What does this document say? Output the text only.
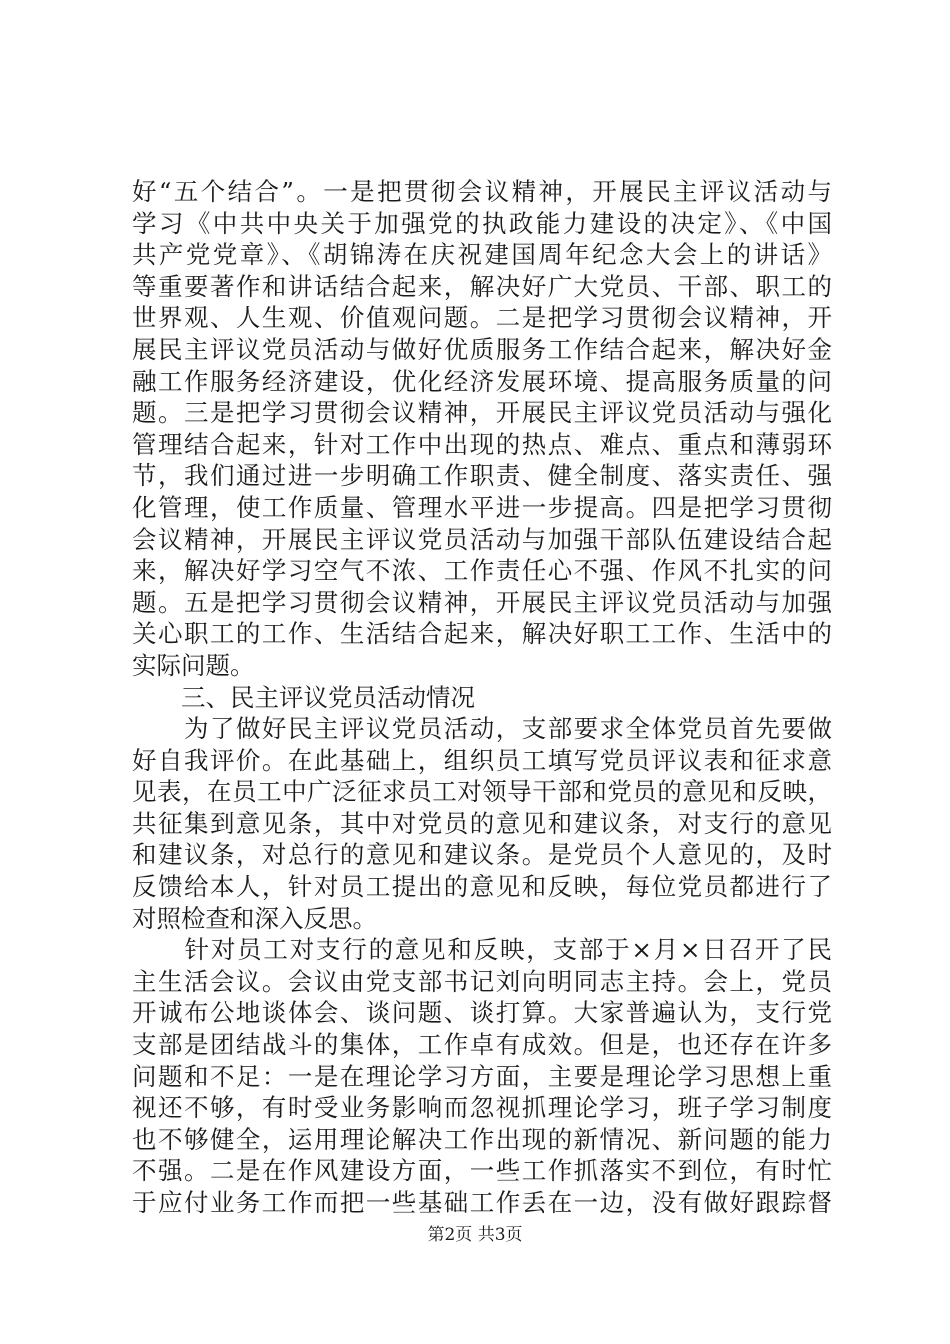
好“五个结合”。一是把贯彻会议精神，开展民主评议活动与
学习《中共中央关于加强党的执政能力建设的决定》、《中国
共产党党章》、《胡锦涛在庆祝建国周年纪念大会上的讲话》
等重要著作和讲话结合起来，解决好广大党员、干部、职工的
世界观、人生观、价值观问题。二是把学习贯彻会议精神，开
展民主评议党员活动与做好优质服务工作结合起来，解决好金
融工作服务经济建设，优化经济发展环境、提高服务质量的问
题。三是把学习贯彻会议精神，开展民主评议党员活动与强化
管理结合起来，针对工作中出现的热点、难点、重点和薄弱环
节，我们通过进一步明确工作职责、健全制度、落实责任、强
化管理，使工作质量、管理水平进一步提高。四是把学习贯彻
会议精神，开展民主评议党员活动与加强干部队伍建设结合起
来，解决好学习空气不浓、工作责任心不强、作风不扎实的问
题。五是把学习贯彻会议精神，开展民主评议党员活动与加强
关心职工的工作、生活结合起来，解决好职工工作、生活中的
实际问题。
　　三、民主评议党员活动情况
　　为了做好民主评议党员活动，支部要求全体党员首先要做
好自我评价。在此基础上，组织员工填写党员评议表和征求意
见表，在员工中广泛征求员工对领导干部和党员的意见和反映，
共征集到意见条，其中对党员的意见和建议条，对支行的意见
和建议条，对总行的意见和建议条。是党员个人意见的，及时
反馈给本人，针对员工提出的意见和反映，每位党员都进行了
对照检查和深入反思。
　　针对员工对支行的意见和反映，支部于×月×日召开了民
主生活会议。会议由党支部书记刘向明同志主持。会上，党员
开诚布公地谈体会、谈问题、谈打算。大家普遍认为，支行党
支部是团结战斗的集体，工作卓有成效。但是，也还存在许多
问题和不足：一是在理论学习方面，主要是理论学习思想上重
视还不够，有时受业务影响而忽视抓理论学习，班子学习制度
也不够健全，运用理论解决工作出现的新情况、新问题的能力
不强。二是在作风建设方面，一些工作抓落实不到位，有时忙
于应付业务工作而把一些基础工作丢在一边，没有做好跟踪督
第2页 共3页
